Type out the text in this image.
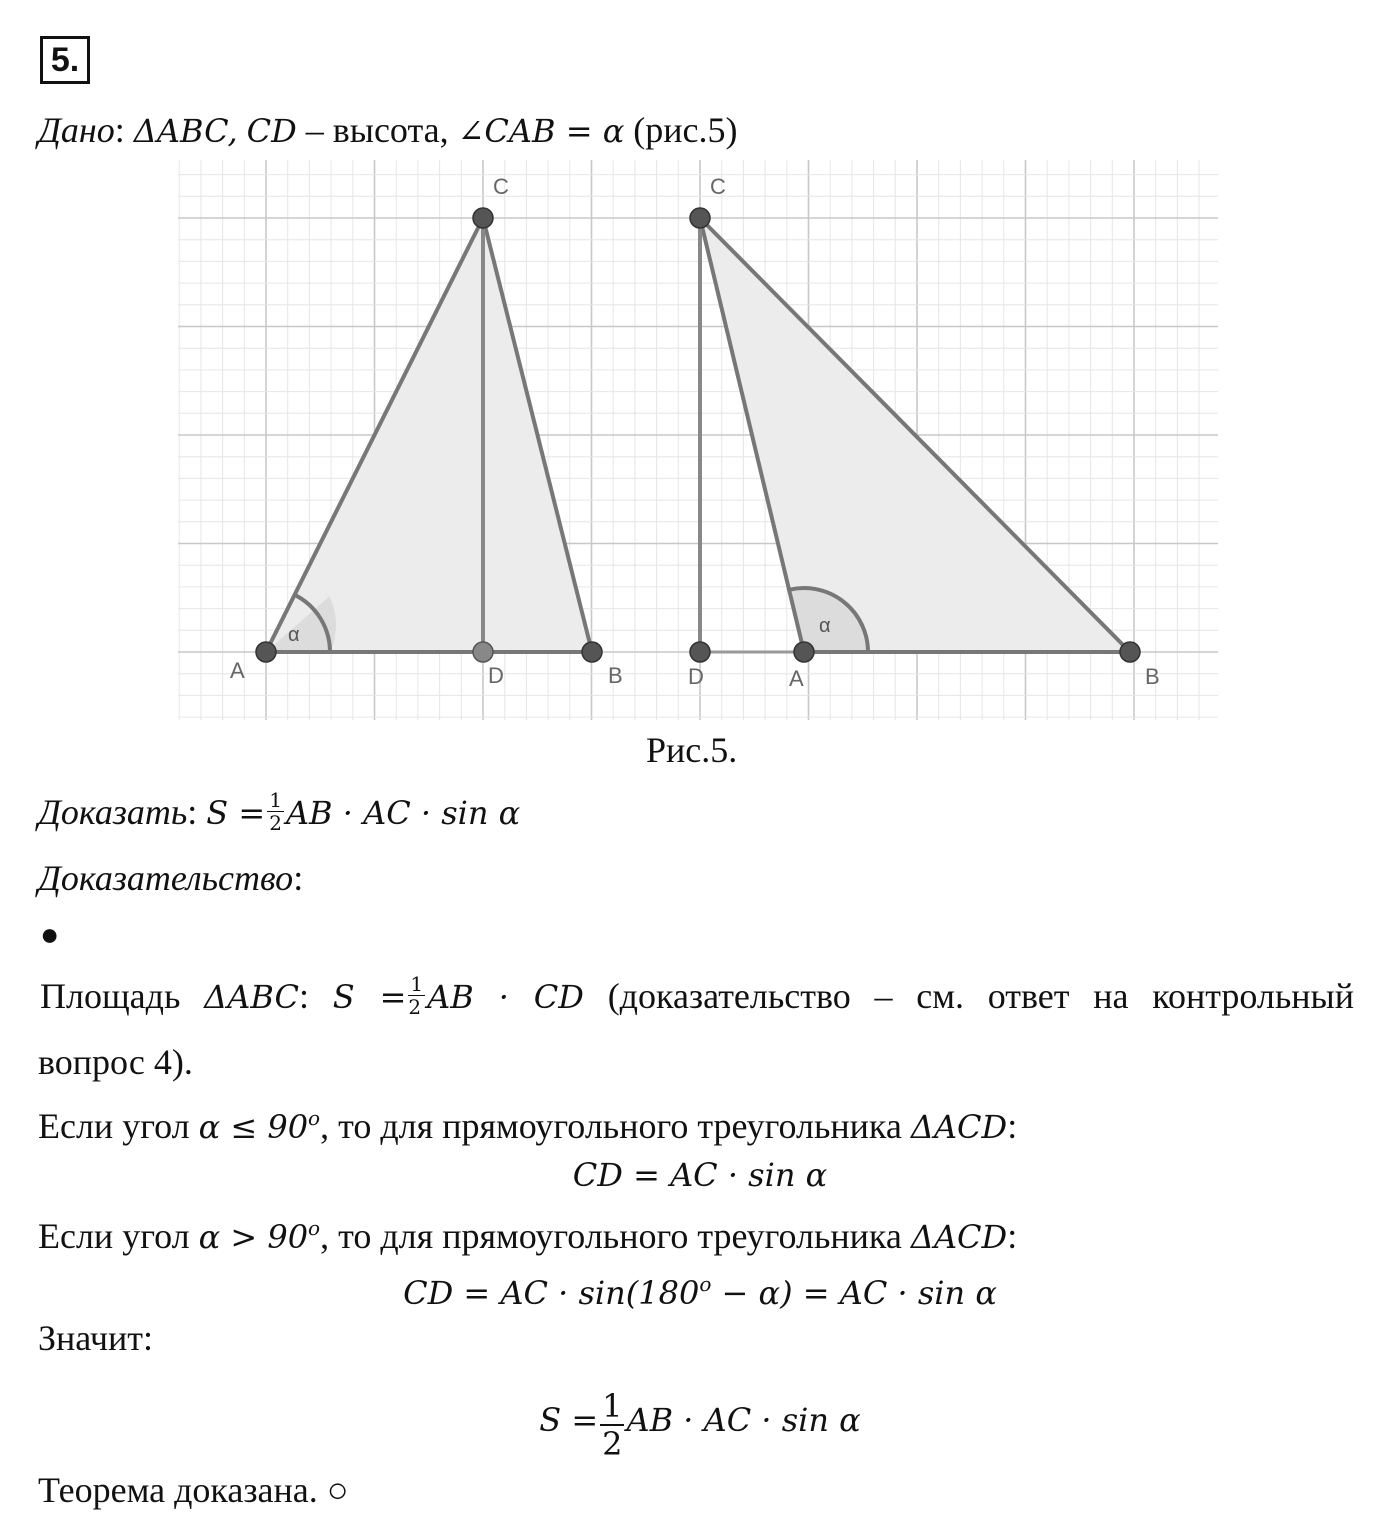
5.
Дано: ΔABC, CD – высота, ∠CAB = α (рис.5)
C
A	D	B
α
C
D	A	B
α
Рис.5.
Доказать: $S = \frac{1}{2}$ AB · AC · sin α
Доказательство:
●
Площадь ΔABC: $S = \frac{1}{2}$ AB · CD (доказательство – см. ответ на контрольный
вопрос 4).
Если угол $\alpha \le 90^o$, то для прямоугольного треугольника ΔACD:
CD = AC · sin α
Если угол $\alpha > 90^o$, то для прямоугольного треугольника ΔACD:
CD = AC · $\sin(180^o - \alpha)$ = AC · sin α
Значит:
$S = \frac{1}{2}$ AB · AC · sin α
Теорема доказана. ○
